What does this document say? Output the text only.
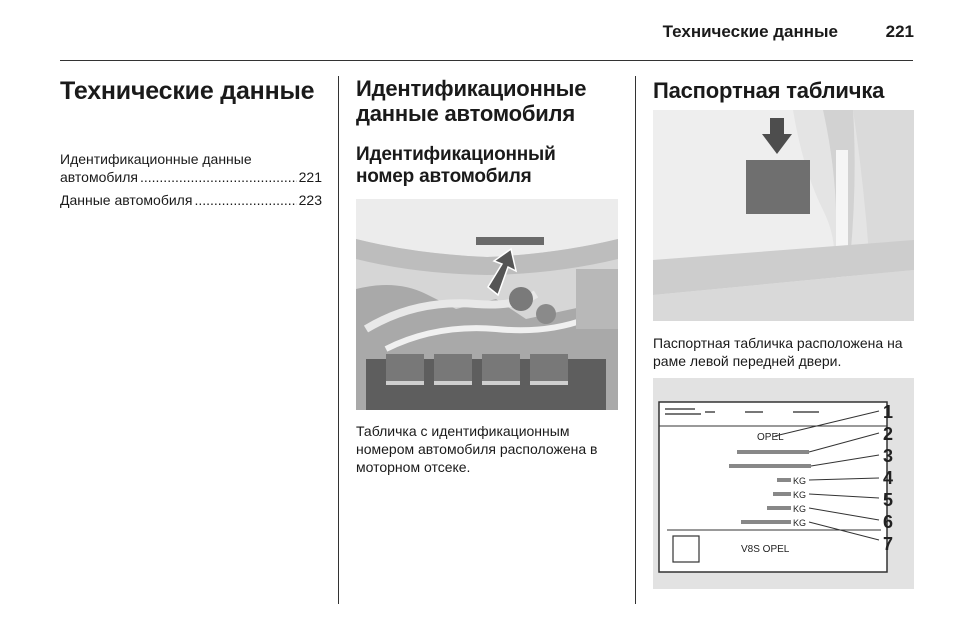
Технические данные	221
Технические данные
Идентификационные данные
автомобиля .....	221
Данные автомобиля .....	223
Идентификационные данные автомобиля
Идентификационный номер автомобиля
Табличка с идентификационным номером автомобиля расположена в моторном отсеке.
Паспортная табличка
Паспортная табличка расположена на раме левой передней двери.
OPEL
KG
KG
KG
KG
V8S OPEL
1
2
3
4
5
6
7
